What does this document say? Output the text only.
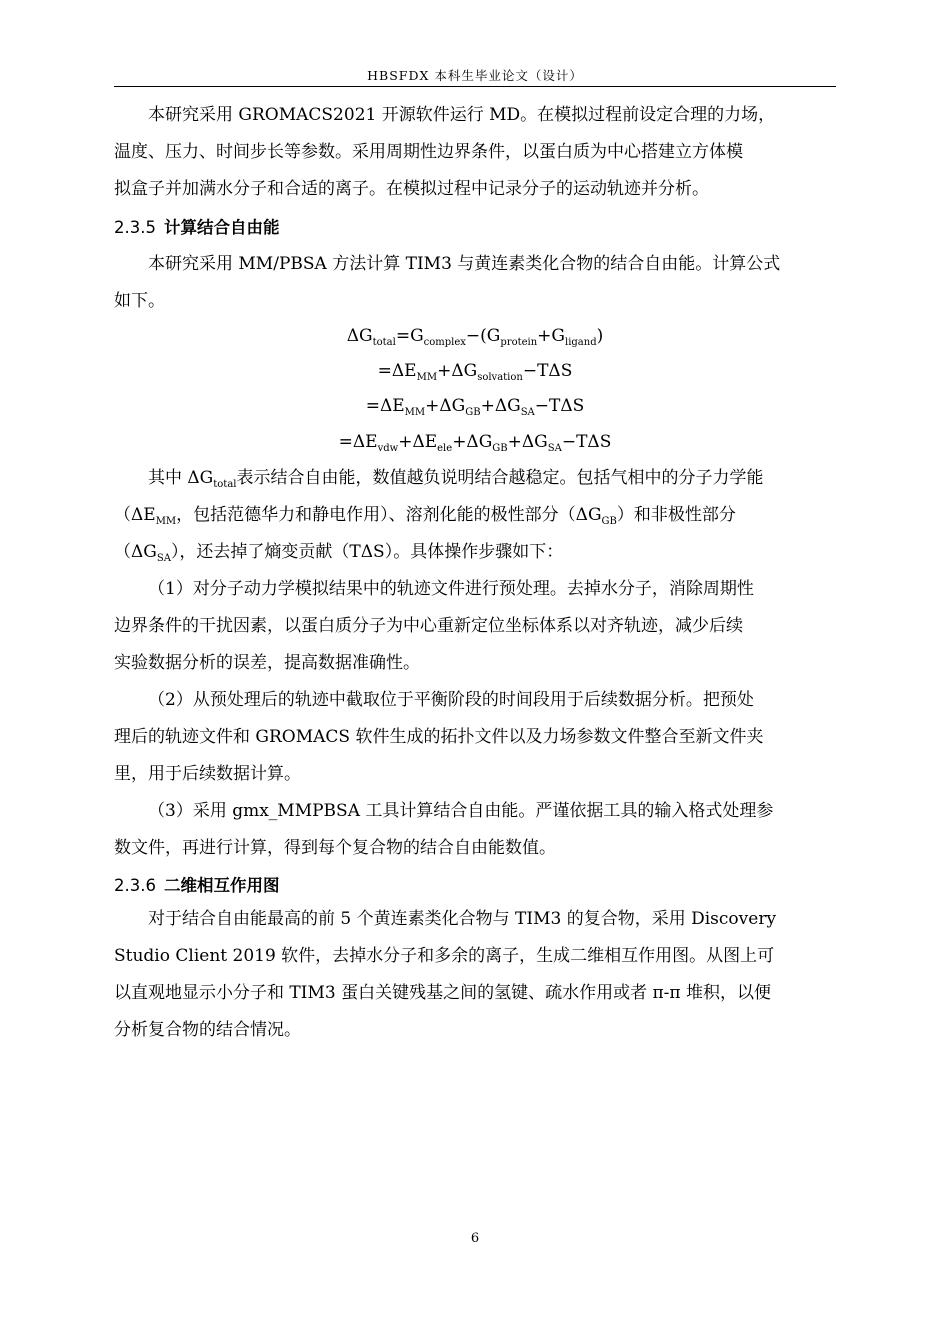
HBSFDX 本科生毕业论文（设计）
本研究采用 GROMACS2021 开源软件运行 MD。在模拟过程前设定合理的力场，
温度、压力、时间步长等参数。采用周期性边界条件，以蛋白质为中心搭建立方体模
拟盒子并加满水分子和合适的离子。在模拟过程中记录分子的运动轨迹并分析。
2.3.5 计算结合自由能
本研究采用 MM/PBSA 方法计算 TIM3 与黄连素类化合物的结合自由能。计算公式
如下。
$\Delta G_{total}=G_{complex}-(G_{protein}+G_{ligand})$
$=\Delta E_{MM}+\Delta G_{solvation}-T\Delta S$
$=\Delta E_{MM}+\Delta G_{GB}+\Delta G_{SA}-T\Delta S$
$=\Delta E_{vdw}+\Delta E_{ele}+\Delta G_{GB}+\Delta G_{SA}-T\Delta S$
其中 $\Delta G_{total}$表示结合自由能，数值越负说明结合越稳定。包括气相中的分子力学能
（$\Delta E_{MM}$，包括范德华力和静电作用）、溶剂化能的极性部分$(\Delta G_{GB})$和非极性部分
$(\Delta G_{SA})$，还去掉了熵变贡献（TΔS）。具体操作步骤如下：
（1）对分子动力学模拟结果中的轨迹文件进行预处理。去掉水分子，消除周期性
边界条件的干扰因素，以蛋白质分子为中心重新定位坐标体系以对齐轨迹，减少后续
实验数据分析的误差，提高数据准确性。
（2）从预处理后的轨迹中截取位于平衡阶段的时间段用于后续数据分析。把预处
理后的轨迹文件和 GROMACS 软件生成的拓扑文件以及力场参数文件整合至新文件夹
里，用于后续数据计算。
（3）采用 gmx_MMPBSA 工具计算结合自由能。严谨依据工具的输入格式处理参
数文件，再进行计算，得到每个复合物的结合自由能数值。
2.3.6 二维相互作用图
对于结合自由能最高的前 5 个黄连素类化合物与 TIM3 的复合物，采用 Discovery
Studio Client 2019 软件，去掉水分子和多余的离子，生成二维相互作用图。从图上可
以直观地显示小分子和 TIM3 蛋白关键残基之间的氢键、疏水作用或者 π-π 堆积，以便
分析复合物的结合情况。
6
